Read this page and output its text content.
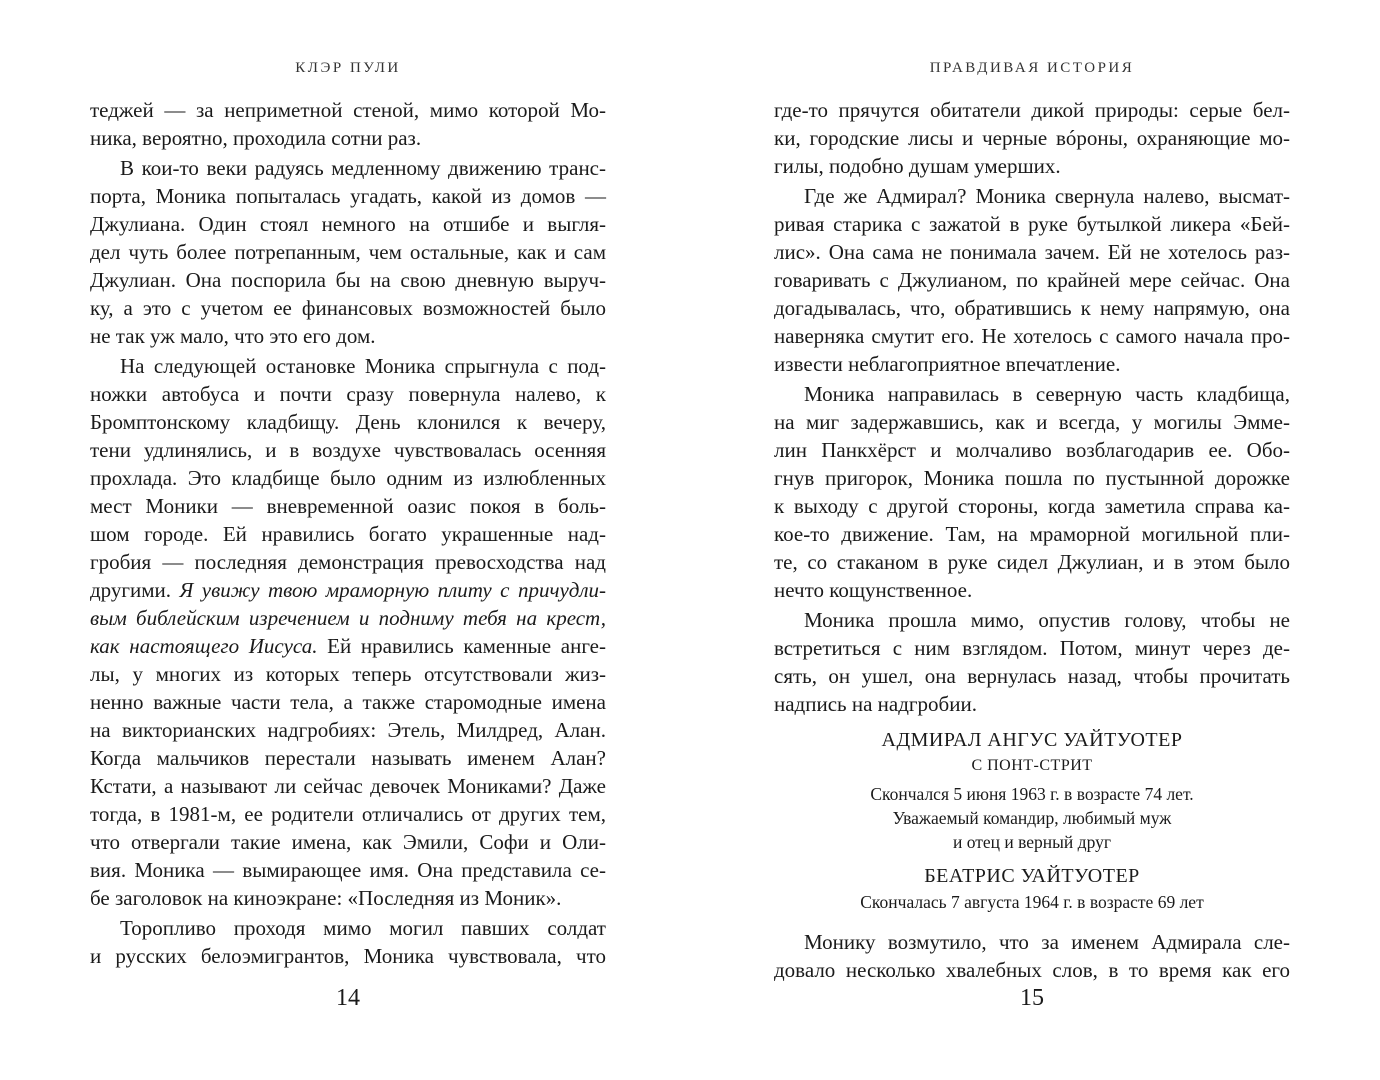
КЛЭР ПУЛИ
теджей — за неприметной стеной, мимо которой Мо-
ника, вероятно, проходила сотни раз.
В кои-то веки радуясь медленному движению транс-
порта, Моника попыталась угадать, какой из домов —
Джулиана. Один стоял немного на отшибе и выгля-
дел чуть более потрепанным, чем остальные, как и сам
Джулиан. Она поспорила бы на свою дневную выруч-
ку, а это с учетом ее финансовых возможностей было
не так уж мало, что это его дом.
На следующей остановке Моника спрыгнула с под-
ножки автобуса и почти сразу повернула налево, к
Бромптонскому кладбищу. День клонился к вечеру,
тени удлинялись, и в воздухе чувствовалась осенняя
прохлада. Это кладбище было одним из излюбленных
мест Моники — вневременной оазис покоя в боль-
шом городе. Ей нравились богато украшенные над-
гробия — последняя демонстрация превосходства над
другими. Я увижу твою мраморную плиту с причудли-
вым библейским изречением и подниму тебя на крест,
как настоящего Иисуса. Ей нравились каменные анге-
лы, у многих из которых теперь отсутствовали жиз-
ненно важные части тела, а также старомодные имена
на викторианских надгробиях: Этель, Милдред, Алан.
Когда мальчиков перестали называть именем Алан?
Кстати, а называют ли сейчас девочек Мониками? Даже
тогда, в 1981-м, ее родители отличались от других тем,
что отвергали такие имена, как Эмили, Софи и Оли-
вия. Моника — вымирающее имя. Она представила се-
бе заголовок на киноэкране: «Последняя из Моник».
Торопливо проходя мимо могил павших солдат
и русских белоэмигрантов, Моника чувствовала, что
14
ПРАВДИВАЯ ИСТОРИЯ
где-то прячутся обитатели дикой природы: серые бел-
ки, городские лисы и черные вóроны, охраняющие мо-
гилы, подобно душам умерших.
Где же Адмирал? Моника свернула налево, высмат-
ривая старика с зажатой в руке бутылкой ликера «Бей-
лис». Она сама не понимала зачем. Ей не хотелось раз-
говаривать с Джулианом, по крайней мере сейчас. Она
догадывалась, что, обратившись к нему напрямую, она
наверняка смутит его. Не хотелось с самого начала про-
извести неблагоприятное впечатление.
Моника направилась в северную часть кладбища,
на миг задержавшись, как и всегда, у могилы Эммe-
лин Панкхёрст и молчаливо возблагодарив ее. Обо-
гнув пригорок, Моника пошла по пустынной дорожке
к выходу с другой стороны, когда заметила справа ка-
кое-то движение. Там, на мраморной могильной пли-
те, со стаканом в руке сидел Джулиан, и в этом было
нечто кощунственное.
Моника прошла мимо, опустив голову, чтобы не
встретиться с ним взглядом. Потом, минут через де-
сять, он ушел, она вернулась назад, чтобы прочитать
надпись на надгробии.
АДМИРАЛ АНГУС УАЙТУОТЕР
С ПОНТ-СТРИТ
Скончался 5 июня 1963 г. в возрасте 74 лет.
Уважаемый командир, любимый муж
и отец и верный друг
БЕАТРИС УАЙТУОТЕР
Скончалась 7 августа 1964 г. в возрасте 69 лет
Монику возмутило, что за именем Адмирала сле-
довало несколько хвалебных слов, в то время как его
15
